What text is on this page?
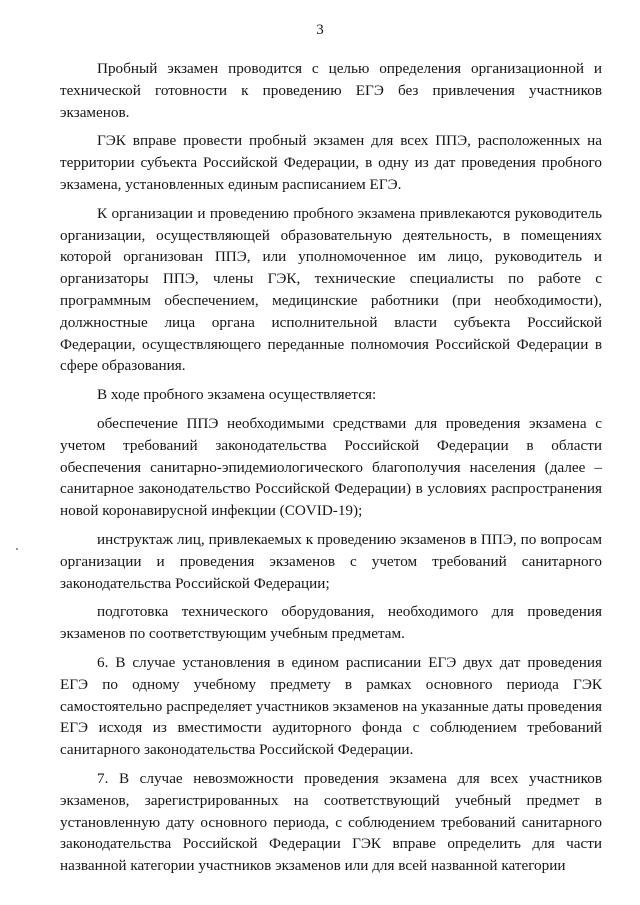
3

Пробный экзамен проводится с целью определения организационной и технической готовности к проведению ЕГЭ без привлечения участников экзаменов.

ГЭК вправе провести пробный экзамен для всех ППЭ, расположенных на территории субъекта Российской Федерации, в одну из дат проведения пробного экзамена, установленных единым расписанием ЕГЭ.

К организации и проведению пробного экзамена привлекаются руководитель организации, осуществляющей образовательную деятельность, в помещениях которой организован ППЭ, или уполномоченное им лицо, руководитель и организаторы ППЭ, члены ГЭК, технические специалисты по работе с программным обеспечением, медицинские работники (при необходимости), должностные лица органа исполнительной власти субъекта Российской Федерации, осуществляющего переданные полномочия Российской Федерации в сфере образования.

В ходе пробного экзамена осуществляется:

обеспечение ППЭ необходимыми средствами для проведения экзамена с учетом требований законодательства Российской Федерации в области обеспечения санитарно-эпидемиологического благополучия населения (далее – санитарное законодательство Российской Федерации) в условиях распространения новой коронавирусной инфекции (COVID-19);

инструктаж лиц, привлекаемых к проведению экзаменов в ППЭ, по вопросам организации и проведения экзаменов с учетом требований санитарного законодательства Российской Федерации;

подготовка технического оборудования, необходимого для проведения экзаменов по соответствующим учебным предметам.

6. В случае установления в едином расписании ЕГЭ двух дат проведения ЕГЭ по одному учебному предмету в рамках основного периода ГЭК самостоятельно распределяет участников экзаменов на указанные даты проведения ЕГЭ исходя из вместимости аудиторного фонда с соблюдением требований санитарного законодательства Российской Федерации.

7. В случае невозможности проведения экзамена для всех участников экзаменов, зарегистрированных на соответствующий учебный предмет в установленную дату основного периода, с соблюдением требований санитарного законодательства Российской Федерации ГЭК вправе определить для части названной категории участников экзаменов или для всей названной категории
